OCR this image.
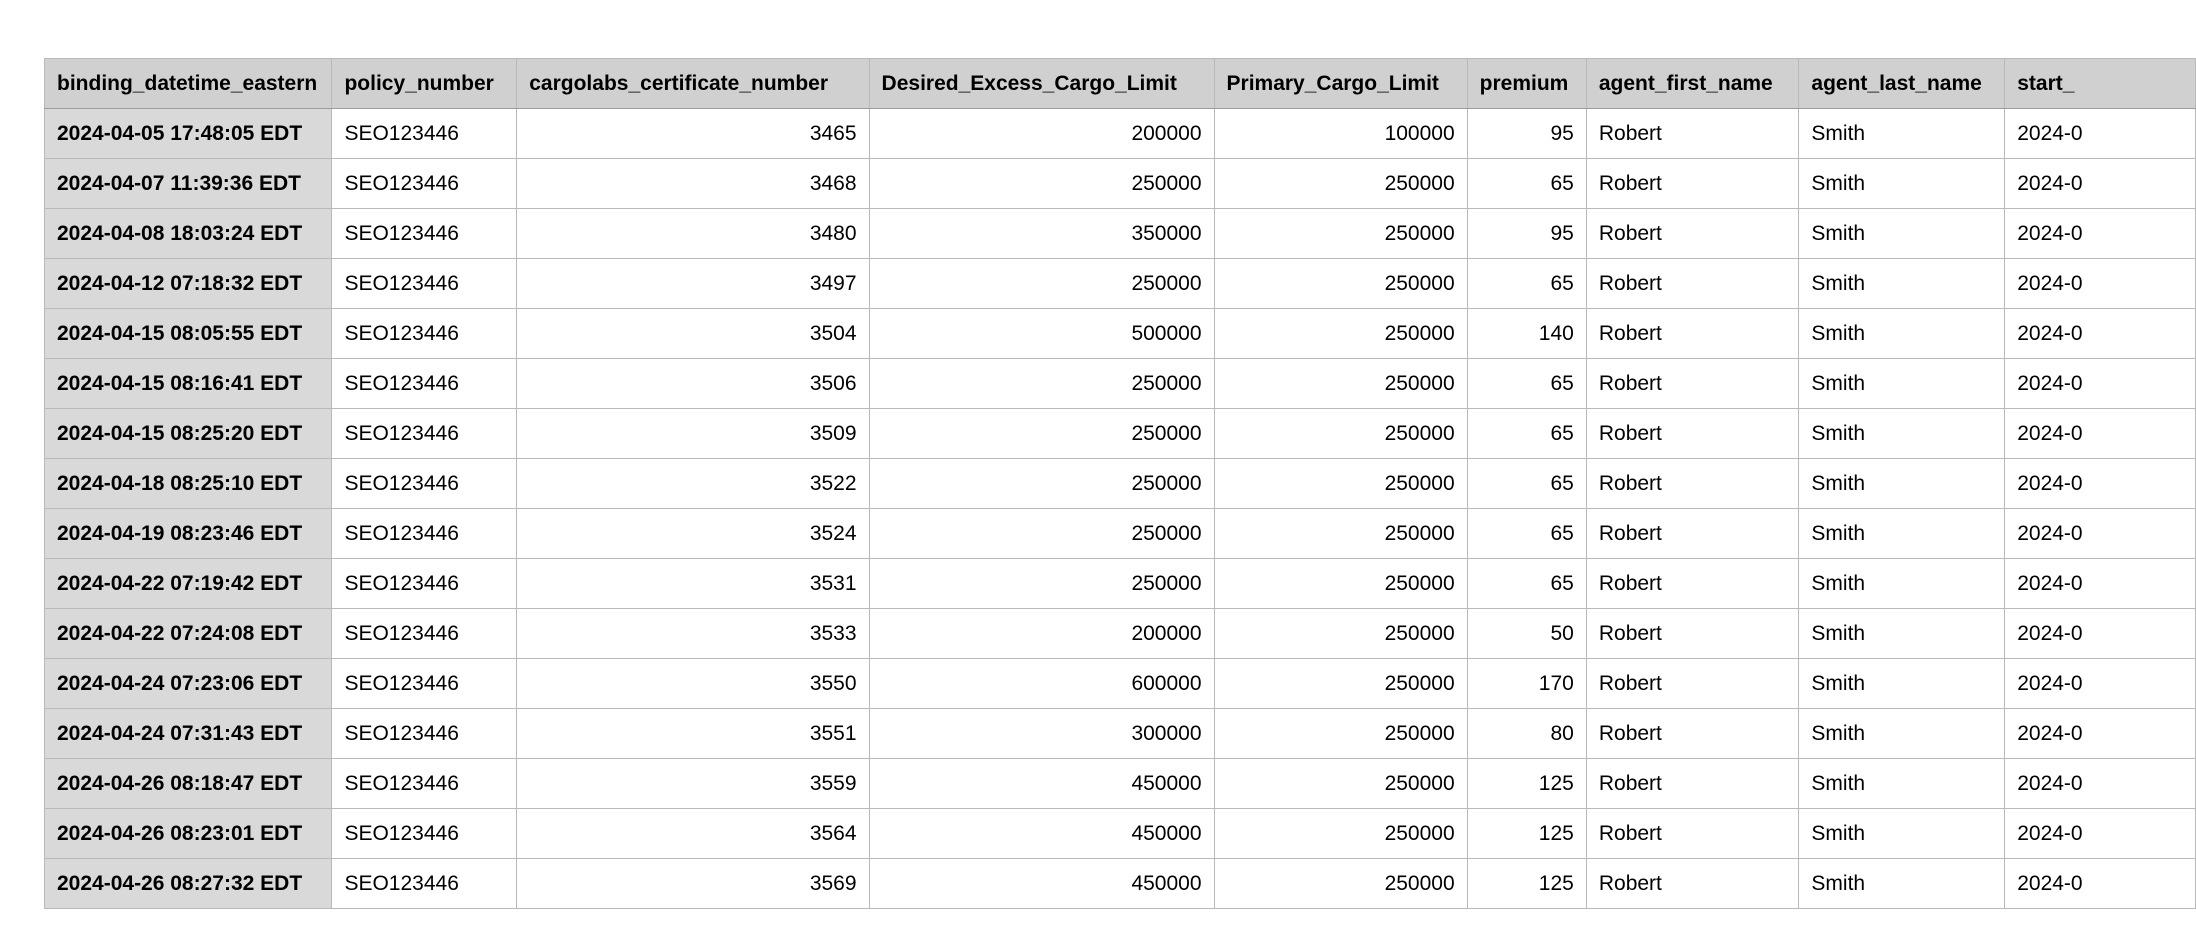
binding_datetime_eastern	policy_number	cargolabs_certificate_number	Desired_Excess_Cargo_Limit	Primary_Cargo_Limit	premium	agent_first_name	agent_last_name	start_
2024-04-05 17:48:05 EDT	SEO123446	3465	200000	100000	95	Robert	Smith	2024-0
2024-04-07 11:39:36 EDT	SEO123446	3468	250000	250000	65	Robert	Smith	2024-0
2024-04-08 18:03:24 EDT	SEO123446	3480	350000	250000	95	Robert	Smith	2024-0
2024-04-12 07:18:32 EDT	SEO123446	3497	250000	250000	65	Robert	Smith	2024-0
2024-04-15 08:05:55 EDT	SEO123446	3504	500000	250000	140	Robert	Smith	2024-0
2024-04-15 08:16:41 EDT	SEO123446	3506	250000	250000	65	Robert	Smith	2024-0
2024-04-15 08:25:20 EDT	SEO123446	3509	250000	250000	65	Robert	Smith	2024-0
2024-04-18 08:25:10 EDT	SEO123446	3522	250000	250000	65	Robert	Smith	2024-0
2024-04-19 08:23:46 EDT	SEO123446	3524	250000	250000	65	Robert	Smith	2024-0
2024-04-22 07:19:42 EDT	SEO123446	3531	250000	250000	65	Robert	Smith	2024-0
2024-04-22 07:24:08 EDT	SEO123446	3533	200000	250000	50	Robert	Smith	2024-0
2024-04-24 07:23:06 EDT	SEO123446	3550	600000	250000	170	Robert	Smith	2024-0
2024-04-24 07:31:43 EDT	SEO123446	3551	300000	250000	80	Robert	Smith	2024-0
2024-04-26 08:18:47 EDT	SEO123446	3559	450000	250000	125	Robert	Smith	2024-0
2024-04-26 08:23:01 EDT	SEO123446	3564	450000	250000	125	Robert	Smith	2024-0
2024-04-26 08:27:32 EDT	SEO123446	3569	450000	250000	125	Robert	Smith	2024-0
